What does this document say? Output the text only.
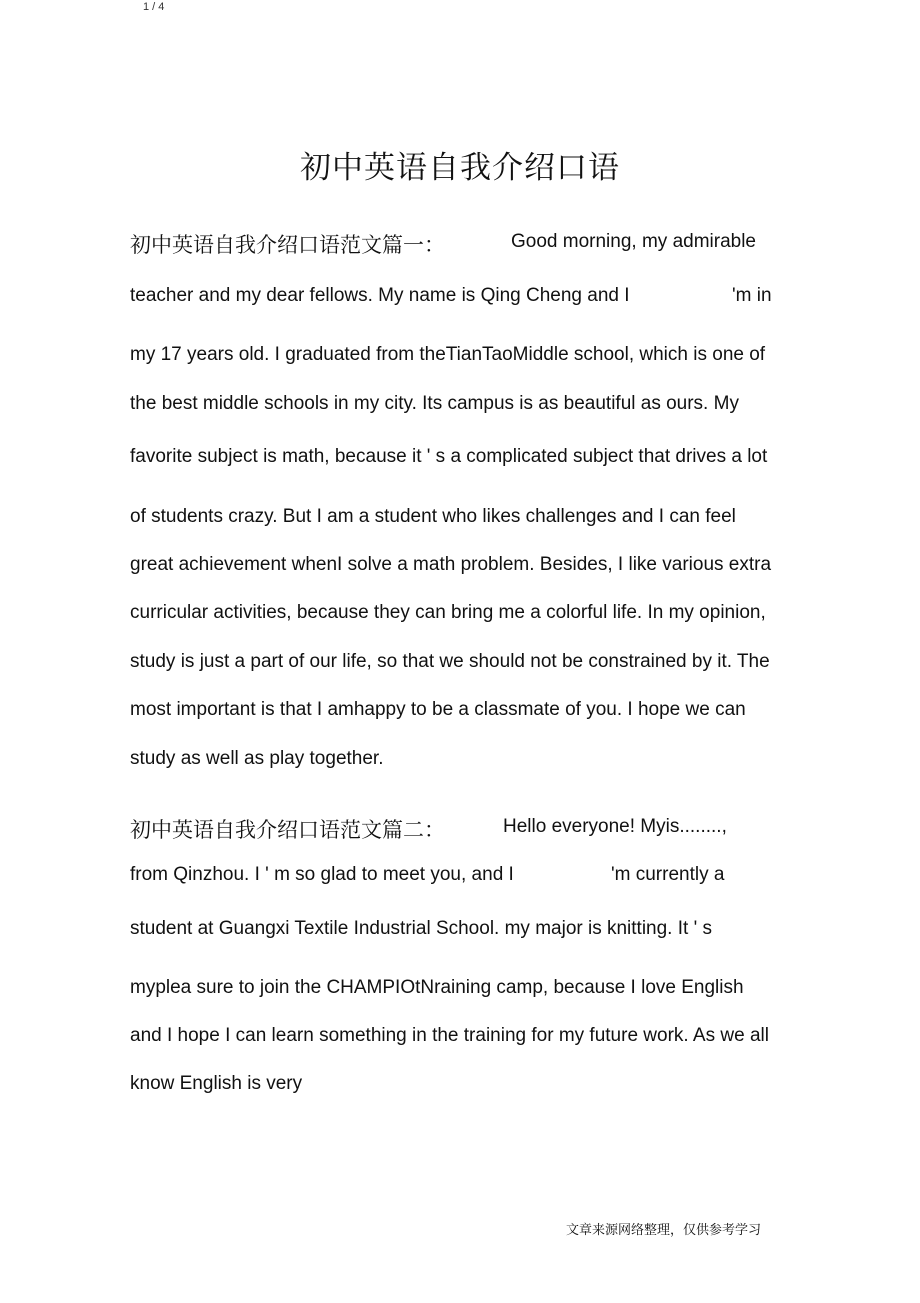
1 / 4
初中英语自我介绍口语
初中英语自我介绍口语范文篇一：	Good morning, my admirable
teacher and my dear fellows. My name is Qing Cheng and I	'm in
my 17 years old. I graduated from theTianTaoMiddle school, which is one of
the best middle schools in my city. Its campus is as beautiful as ours. My
favorite subject is math, because it ' s a complicated subject that drives a lot
of students crazy. But I am a student who likes challenges and I can feel
great achievement whenI solve a math problem. Besides, I like various extra
curricular activities, because they can bring me a colorful life. In my opinion,
study is just a part of our life, so that we should not be constrained by it. The
most important is that I amhappy to be a classmate of you. I hope we can
study as well as play together.
初中英语自我介绍口语范文篇二：	Hello everyone! Myis........,
from Qinzhou. I ' m so glad to meet you, and I	'm currently a
student at Guangxi Textile Industrial School. my major is knitting. It ' s
myplea sure to join the CHAMPIOtNraining camp, because I love English
and I hope I can learn something in the training for my future work. As we all
know English is very
文章来源网络整理，仅供参考学习
